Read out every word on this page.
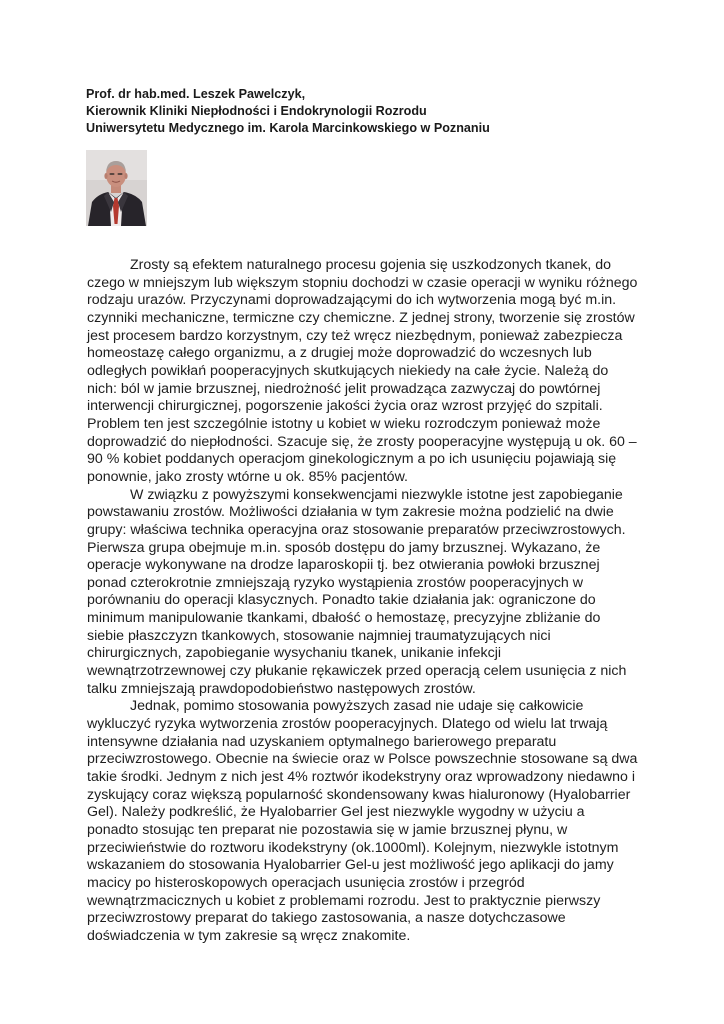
Prof. dr hab.med. Leszek Pawelczyk,
Kierownik Kliniki Niepłodności i Endokrynologii Rozrodu
Uniwersytetu Medycznego im. Karola Marcinkowskiego w Poznaniu

Zrosty są efektem naturalnego procesu gojenia się uszkodzonych tkanek, do czego w mniejszym lub większym stopniu dochodzi w czasie operacji w wyniku różnego rodzaju urazów. Przyczynami doprowadzającymi do ich wytworzenia mogą być m.in. czynniki mechaniczne, termiczne czy chemiczne. Z jednej strony, tworzenie się zrostów jest procesem bardzo korzystnym, czy też wręcz niezbędnym, ponieważ zabezpiecza homeostazę całego organizmu, a z drugiej może doprowadzić do wczesnych lub odległych powikłań pooperacyjnych skutkujących niekiedy na całe życie. Należą do nich: ból w jamie brzusznej, niedrożność jelit prowadząca zazwyczaj do powtórnej interwencji chirurgicznej, pogorszenie jakości życia oraz wzrost przyjęć do szpitali. Problem ten jest szczególnie istotny u kobiet w wieku rozrodczym ponieważ może doprowadzić do niepłodności. Szacuje się, że zrosty pooperacyjne występują u ok. 60 – 90 % kobiet poddanych operacjom ginekologicznym a po ich usunięciu pojawiają się ponownie, jako zrosty wtórne u ok. 85% pacjentów.

W związku z powyższymi konsekwencjami niezwykle istotne jest zapobieganie powstawaniu zrostów. Możliwości działania w tym zakresie można podzielić na dwie grupy: właściwa technika operacyjna oraz stosowanie preparatów przeciwzrostowych. Pierwsza grupa obejmuje m.in. sposób dostępu do jamy brzusznej. Wykazano, że operacje wykonywane na drodze laparoskopii tj. bez otwierania powłoki brzusznej ponad czterokrotnie zmniejszają ryzyko wystąpienia zrostów pooperacyjnych w porównaniu do operacji klasycznych. Ponadto takie działania jak: ograniczone do minimum manipulowanie tkankami, dbałość o hemostazę, precyzyjne zbliżanie do siebie płaszczyzn tkankowych, stosowanie najmniej traumatyzujących nici chirurgicznych, zapobieganie wysychaniu tkanek, unikanie infekcji wewnątrzotrzewnowej czy płukanie rękawiczek przed operacją celem usunięcia z nich talku zmniejszają prawdopodobieństwo następowych zrostów.

Jednak, pomimo stosowania powyższych zasad nie udaje się całkowicie wykluczyć ryzyka wytworzenia zrostów pooperacyjnych. Dlatego od wielu lat trwają intensywne działania nad uzyskaniem optymalnego barierowego preparatu przeciwzrostowego. Obecnie na świecie oraz w Polsce powszechnie stosowane są dwa takie środki. Jednym z nich jest 4% roztwór ikodekstryny oraz wprowadzony niedawno i zyskujący coraz większą popularność skondensowany kwas hialuronowy (Hyalobarrier Gel). Należy podkreślić, że Hyalobarrier Gel jest niezwykle wygodny w użyciu a ponadto stosując ten preparat nie pozostawia się w jamie brzusznej płynu, w przeciwieństwie do roztworu ikodekstryny (ok.1000ml). Kolejnym, niezwykle istotnym wskazaniem do stosowania Hyalobarrier Gel-u jest możliwość jego aplikacji do jamy macicy po histeroskopowych operacjach usunięcia zrostów i przegród wewnątrzmacicznych u kobiet z problemami rozrodu. Jest to praktycznie pierwszy przeciwzrostowy preparat do takiego zastosowania, a nasze dotychczasowe doświadczenia w tym zakresie są wręcz znakomite.
